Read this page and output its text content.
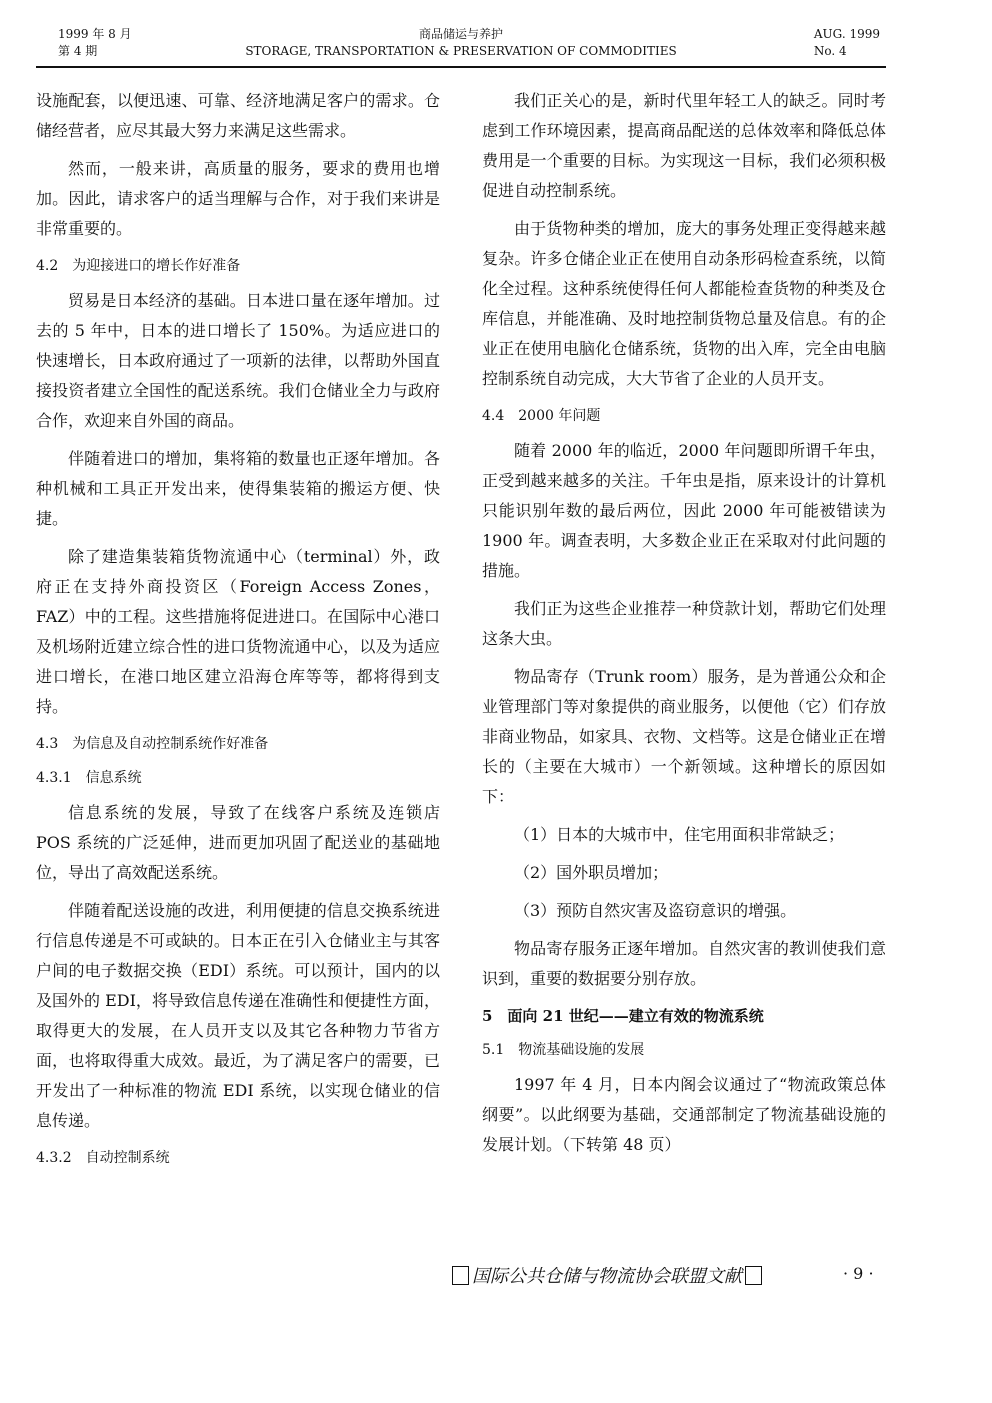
1999 年 8 月
第 4 期
商品储运与养护
STORAGE, TRANSPORTATION & PRESERVATION OF COMMODITIES
AUG. 1999
No. 4

设施配套，以便迅速、可靠、经济地满足客户的需求。仓储经营者，应尽其最大努力来满足这些需求。

然而，一般来讲，高质量的服务，要求的费用也增加。因此，请求客户的适当理解与合作，对于我们来讲是非常重要的。

4.2　为迎接进口的增长作好准备

贸易是日本经济的基础。日本进口量在逐年增加。过去的 5 年中，日本的进口增长了 150%。为适应进口的快速增长，日本政府通过了一项新的法律，以帮助外国直接投资者建立全国性的配送系统。我们仓储业全力与政府合作，欢迎来自外国的商品。

伴随着进口的增加，集将箱的数量也正逐年增加。各种机械和工具正开发出来，使得集装箱的搬运方便、快捷。

除了建造集装箱货物流通中心（terminal）外，政府正在支持外商投资区（Foreign Access Zones，FAZ）中的工程。这些措施将促进进口。在国际中心港口及机场附近建立综合性的进口货物流通中心，以及为适应进口增长，在港口地区建立沿海仓库等等，都将得到支持。

4.3　为信息及自动控制系统作好准备
4.3.1　信息系统

信息系统的发展，导致了在线客户系统及连锁店 POS 系统的广泛延伸，进而更加巩固了配送业的基础地位，导出了高效配送系统。

伴随着配送设施的改进，利用便捷的信息交换系统进行信息传递是不可或缺的。日本正在引入仓储业主与其客户间的电子数据交换（EDI）系统。可以预计，国内的以及国外的 EDI，将导致信息传递在准确性和便捷性方面，取得更大的发展，在人员开支以及其它各种物力节省方面，也将取得重大成效。最近，为了满足客户的需要，已开发出了一种标准的物流 EDI 系统，以实现仓储业的信息传递。

4.3.2　自动控制系统

我们正关心的是，新时代里年轻工人的缺乏。同时考虑到工作环境因素，提高商品配送的总体效率和降低总体费用是一个重要的目标。为实现这一目标，我们必须积极促进自动控制系统。

由于货物种类的增加，庞大的事务处理正变得越来越复杂。许多仓储企业正在使用自动条形码检查系统，以简化全过程。这种系统使得任何人都能检查货物的种类及仓库信息，并能准确、及时地控制货物总量及信息。有的企业正在使用电脑化仓储系统，货物的出入库，完全由电脑控制系统自动完成，大大节省了企业的人员开支。

4.4　2000 年问题

随着 2000 年的临近，2000 年问题即所谓千年虫，正受到越来越多的关注。千年虫是指，原来设计的计算机只能识别年数的最后两位，因此 2000 年可能被错读为 1900 年。调查表明，大多数企业正在采取对付此问题的措施。

我们正为这些企业推荐一种贷款计划，帮助它们处理这条大虫。

物品寄存（Trunk room）服务，是为普通公众和企业管理部门等对象提供的商业服务，以便他（它）们存放非商业物品，如家具、衣物、文档等。这是仓储业正在增长的（主要在大城市）一个新领域。这种增长的原因如下：

（1）日本的大城市中，住宅用面积非常缺乏；

（2）国外职员增加；

（3）预防自然灾害及盗窃意识的增强。

物品寄存服务正逐年增加。自然灾害的教训使我们意识到，重要的数据要分别存放。

5　面向 21 世纪——建立有效的物流系统
5.1　物流基础设施的发展

1997 年 4 月，日本内阁会议通过了“物流政策总体纲要”。以此纲要为基础，交通部制定了物流基础设施的发展计划。（下转第 48 页）

国际公共仓储与物流协会联盟文献	· 9 ·
